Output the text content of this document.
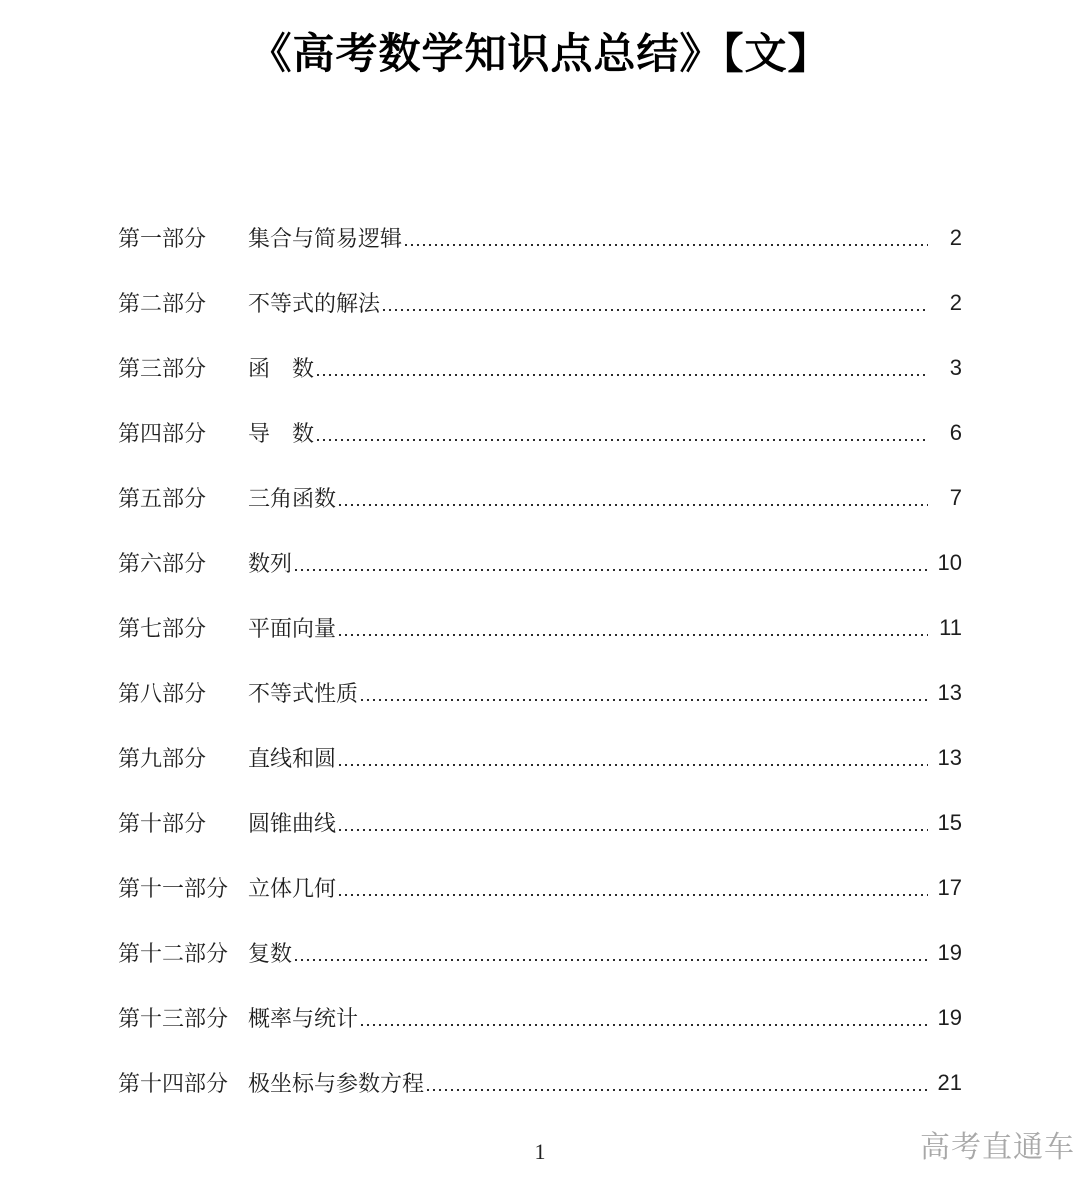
《高考数学知识点总结》【文】
第一部分	集合与简易逻辑	2
第二部分	不等式的解法	2
第三部分	函　数	3
第四部分	导　数	6
第五部分	三角函数	7
第六部分	数列	10
第七部分	平面向量	11
第八部分	不等式性质	13
第九部分	直线和圆	13
第十部分	圆锥曲线	15
第十一部分 立体几何	17
第十二部分 复数	19
第十三部分 概率与统计	19
第十四部分 极坐标与参数方程	21
1	高考直通车
